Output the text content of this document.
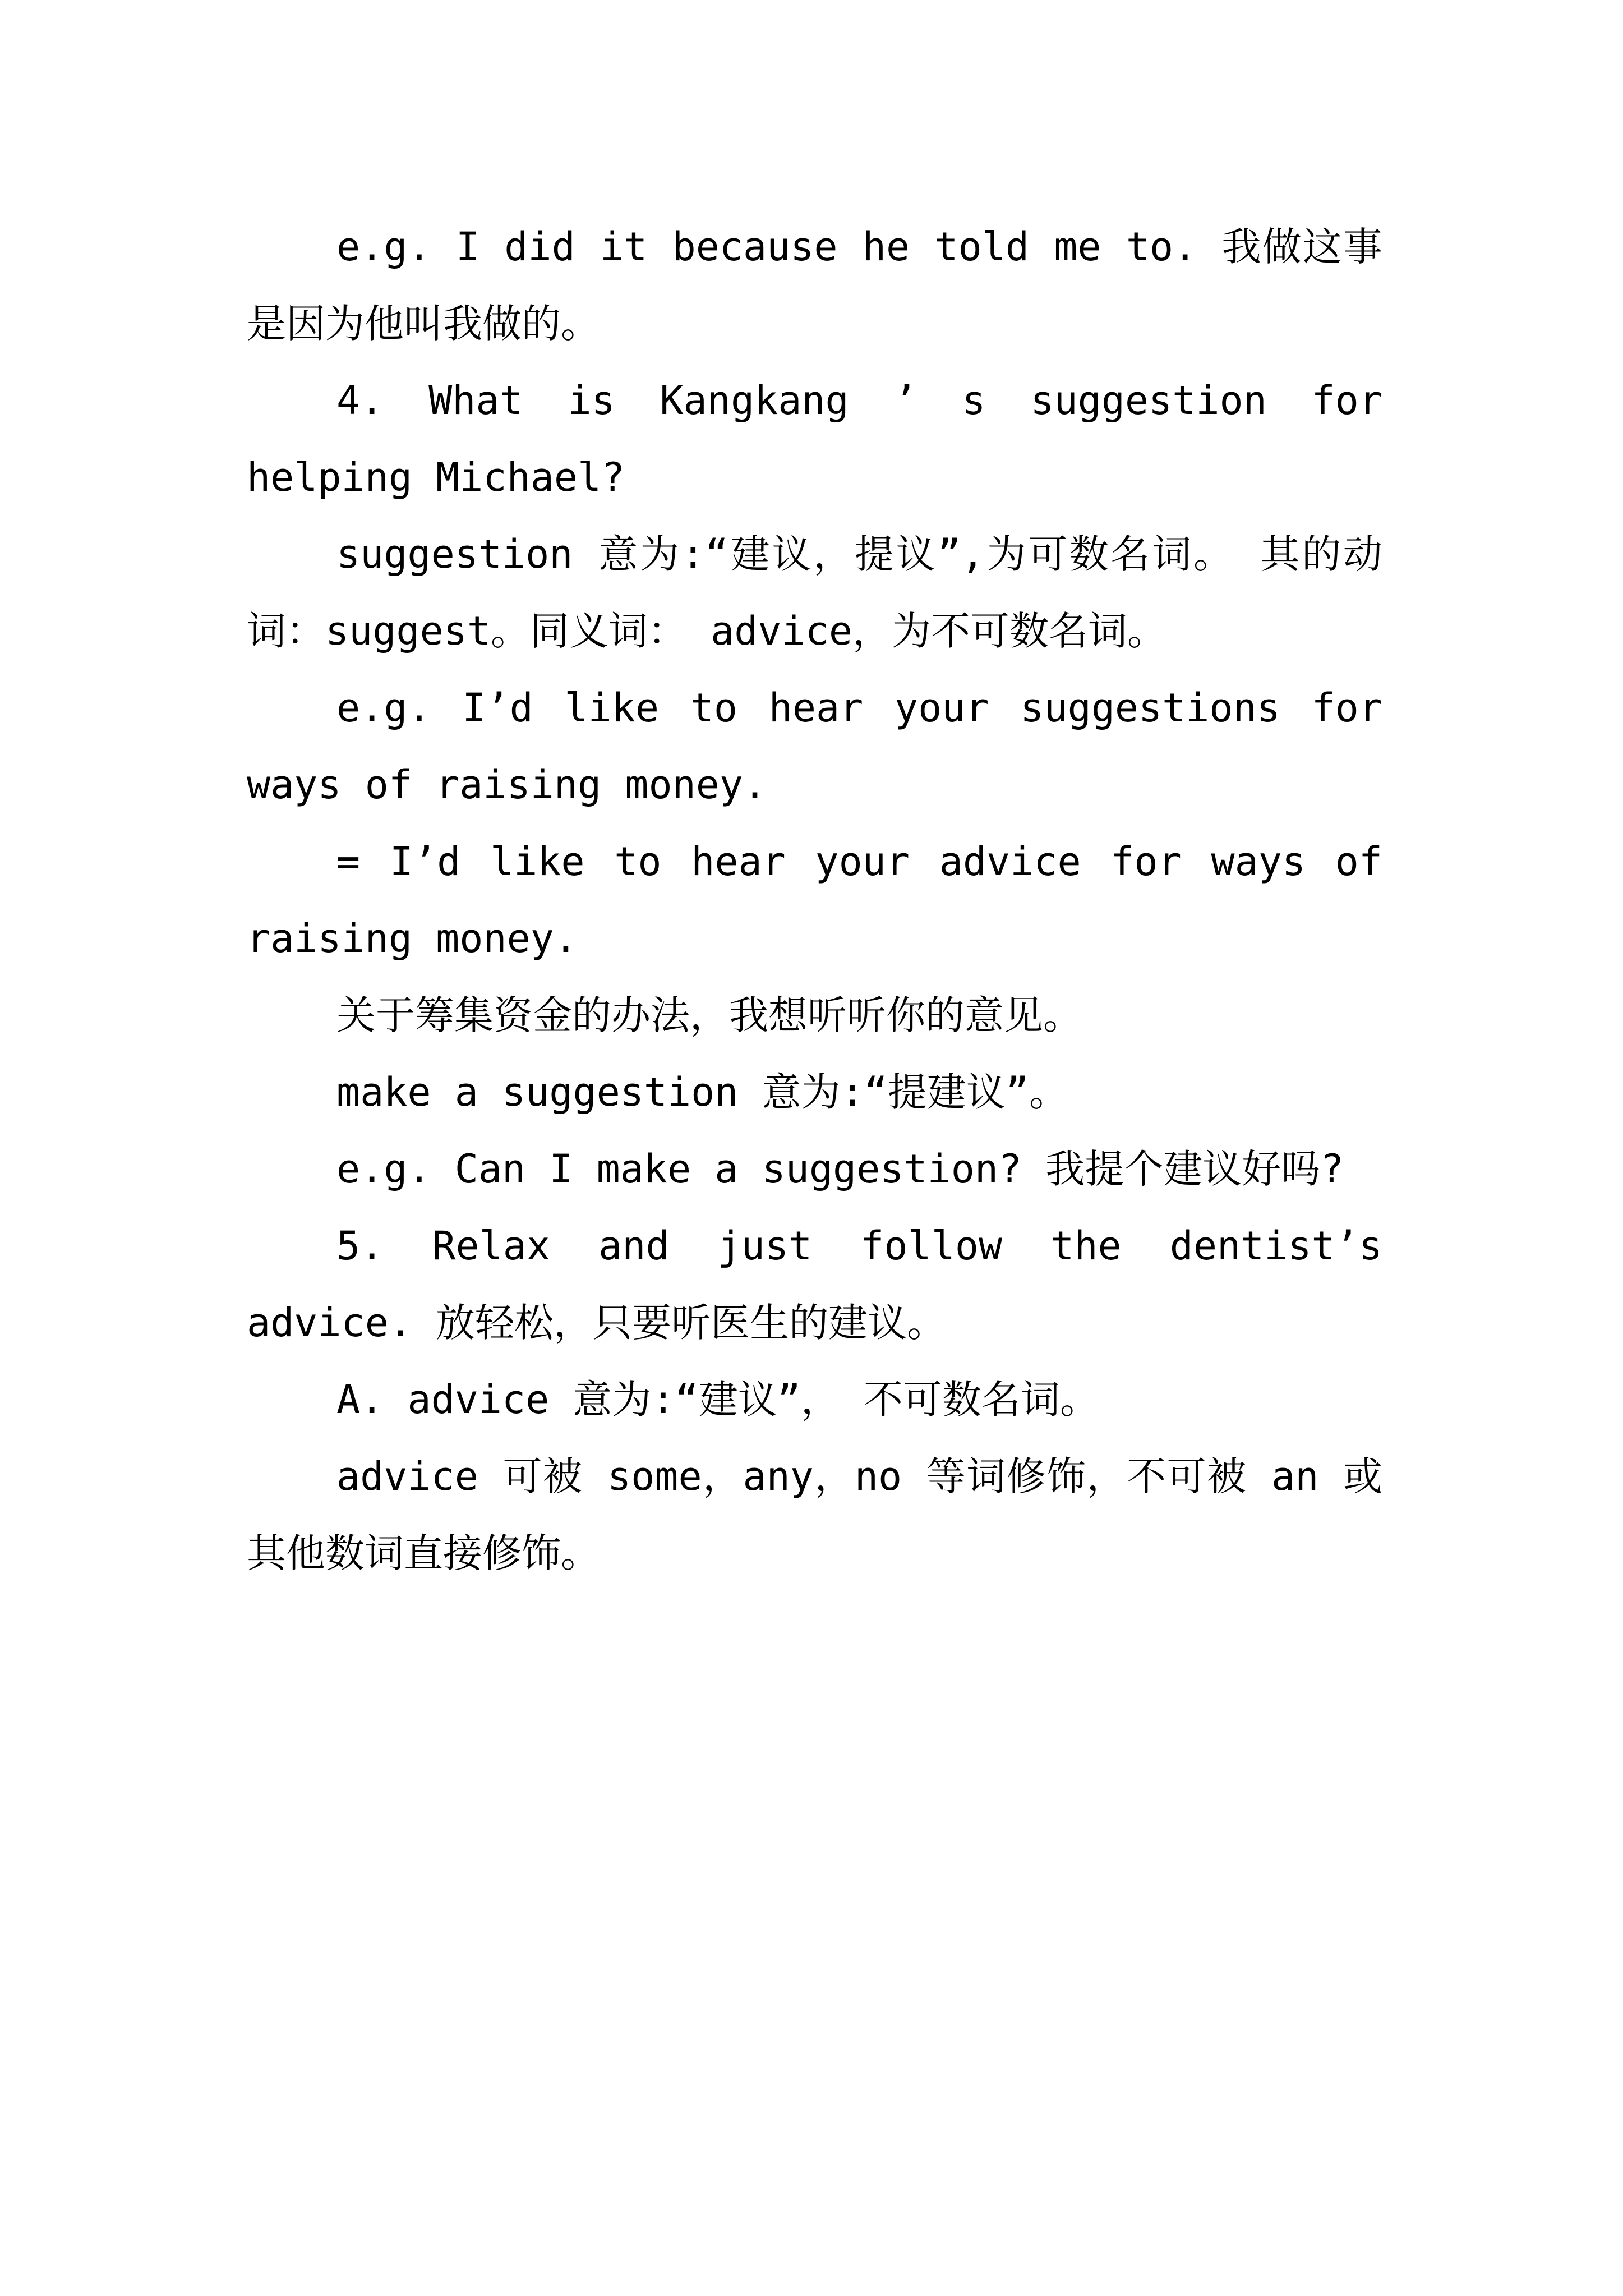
e.g. I did it because he told me to. 我做这事是因为他叫我做的。

4. What is Kangkang ’ s suggestion for helping Michael?

suggestion 意为:“建议，提议”,为可数名词。 其的动词：suggest。同义词： advice，为不可数名词。

e.g. I’d like to hear your suggestions for ways of raising money.

= I’d like to hear your advice for ways of raising money.

关于筹集资金的办法，我想听听你的意见。

make a suggestion 意为:“提建议”。

e.g. Can I make a suggestion? 我提个建议好吗?

5. Relax and just follow the dentist’s advice. 放轻松，只要听医生的建议。

A. advice 意为:“建议”， 不可数名词。

advice 可被 some，any，no 等词修饰，不可被 an 或其他数词直接修饰。
